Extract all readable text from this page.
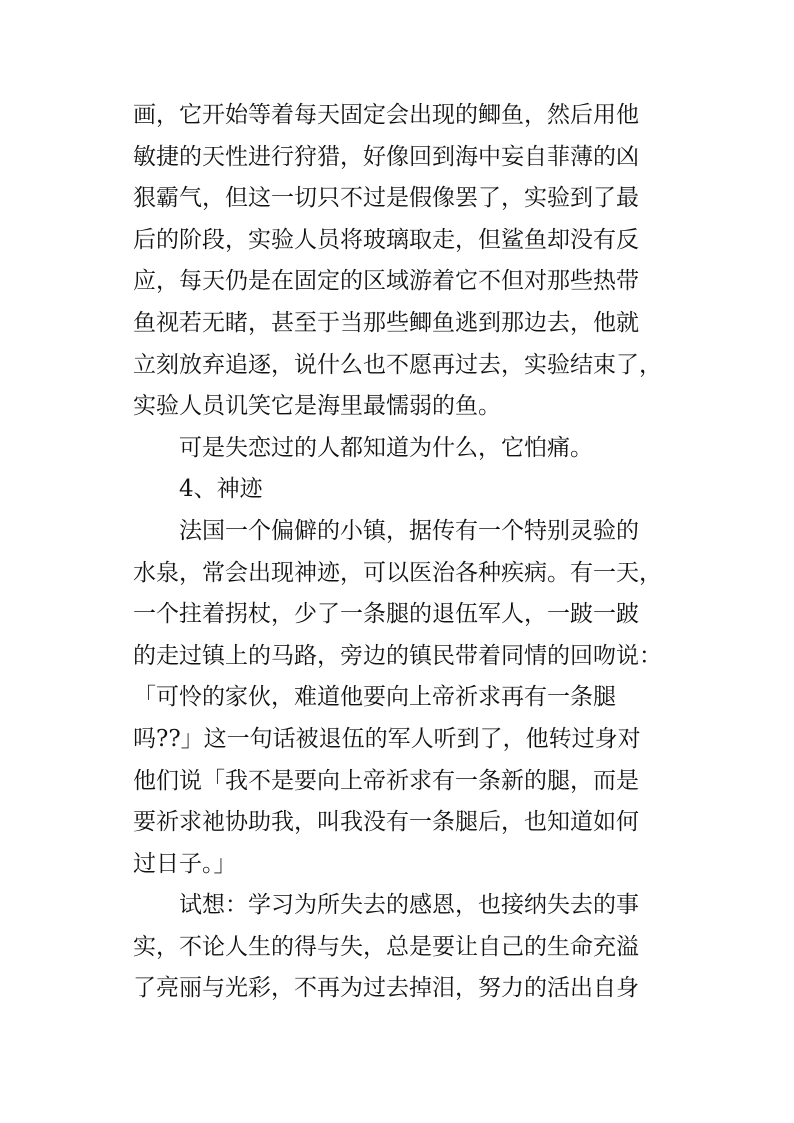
画，它开始等着每天固定会出现的鲫鱼，然后用他
敏捷的天性进行狩猎，好像回到海中妄自菲薄的凶
狠霸气，但这一切只不过是假像罢了，实验到了最
后的阶段，实验人员将玻璃取走，但鲨鱼却没有反
应，每天仍是在固定的区域游着它不但对那些热带
鱼视若无睹，甚至于当那些鲫鱼逃到那边去，他就
立刻放弃追逐，说什么也不愿再过去，实验结束了，
实验人员讥笑它是海里最懦弱的鱼。
可是失恋过的人都知道为什么，它怕痛。
4、神迹
法国一个偏僻的小镇，据传有一个特别灵验的
水泉，常会出现神迹，可以医治各种疾病。有一天，
一个拄着拐杖，少了一条腿的退伍军人，一跛一跛
的走过镇上的马路，旁边的镇民带着同情的回吻说：
「可怜的家伙，难道他要向上帝祈求再有一条腿
吗??」这一句话被退伍的军人听到了，他转过身对
他们说「我不是要向上帝祈求有一条新的腿，而是
要祈求祂协助我，叫我没有一条腿后，也知道如何
过日子。」
试想：学习为所失去的感恩，也接纳失去的事
实，不论人生的得与失，总是要让自己的生命充溢
了亮丽与光彩，不再为过去掉泪，努力的活出自身
